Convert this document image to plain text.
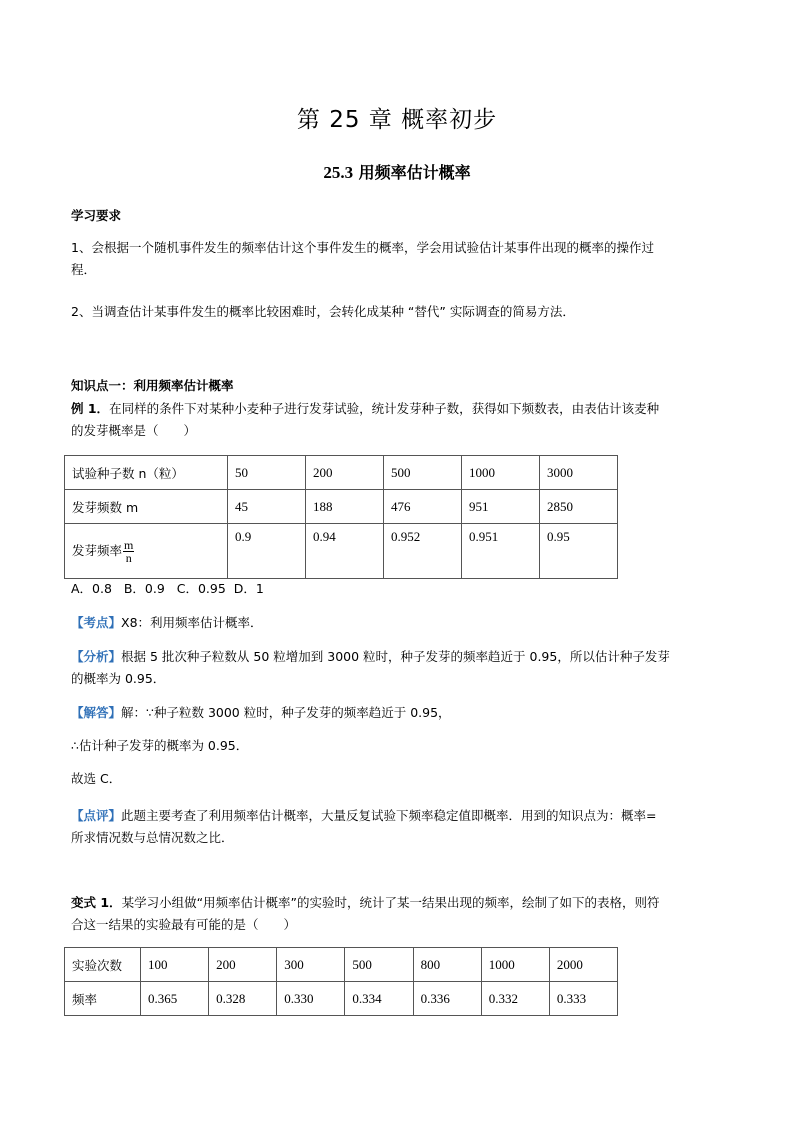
第 25 章 概率初步
25.3 用频率估计概率
学习要求
1、会根据一个随机事件发生的频率估计这个事件发生的概率，学会用试验估计某事件出现的概率的操作过
程．
2、当调查估计某事件发生的概率比较困难时，会转化成某种 “替代” 实际调查的简易方法．
知识点一：利用频率估计概率
例 1．在同样的条件下对某种小麦种子进行发芽试验，统计发芽种子数，获得如下频数表，由表估计该麦种
的发芽概率是（　　）
试验种子数 n（粒）	50	200	500	1000	3000
发芽频数 m	45	188	476	951	2850
发芽频率 $\frac{m}{n}$	0.9	0.94	0.952	0.951	0.95
A．0.8   B．0.9   C．0.95  D．1
【考点】X8：利用频率估计概率．
【分析】根据 5 批次种子粒数从 50 粒增加到 3000 粒时，种子发芽的频率趋近于 0.95，所以估计种子发芽
的概率为 0.95．
【解答】解：∵种子粒数 3000 粒时，种子发芽的频率趋近于 0.95，
∴估计种子发芽的概率为 0.95．
故选 C．
【点评】此题主要考查了利用频率估计概率，大量反复试验下频率稳定值即概率．用到的知识点为：概率=
所求情况数与总情况数之比．
变式 1．某学习小组做“用频率估计概率”的实验时，统计了某一结果出现的频率，绘制了如下的表格，则符
合这一结果的实验最有可能的是（　　）
实验次数	100	200	300	500	800	1000	2000
频率	0.365	0.328	0.330	0.334	0.336	0.332	0.333
